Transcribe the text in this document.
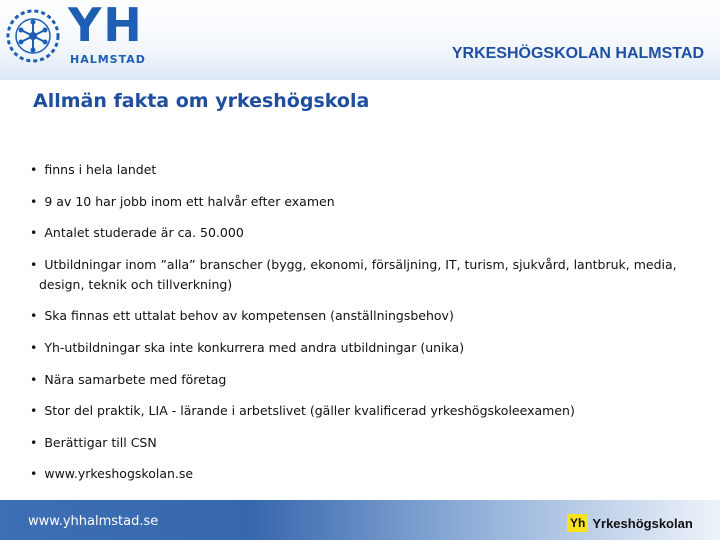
YH
HALMSTAD	YRKESHÖGSKOLAN HALMSTAD
Allmän fakta om yrkeshögskola
• finns i hela landet
• 9 av 10 har jobb inom ett halvår efter examen
• Antalet studerade är ca. 50.000
• Utbildningar inom ”alla” branscher (bygg, ekonomi, försäljning, IT, turism, sjukvård, lantbruk, media,
design, teknik och tillverkning)
• Ska finnas ett uttalat behov av kompetensen (anställningsbehov)
• Yh-utbildningar ska inte konkurrera med andra utbildningar (unika)
• Nära samarbete med företag
• Stor del praktik, LIA - lärande i arbetslivet (gäller kvalificerad yrkeshögskoleexamen)
• Berättigar till CSN
• www.yrkeshogskolan.se
www.yhhalmstad.se	Yh Yrkeshögskolan
